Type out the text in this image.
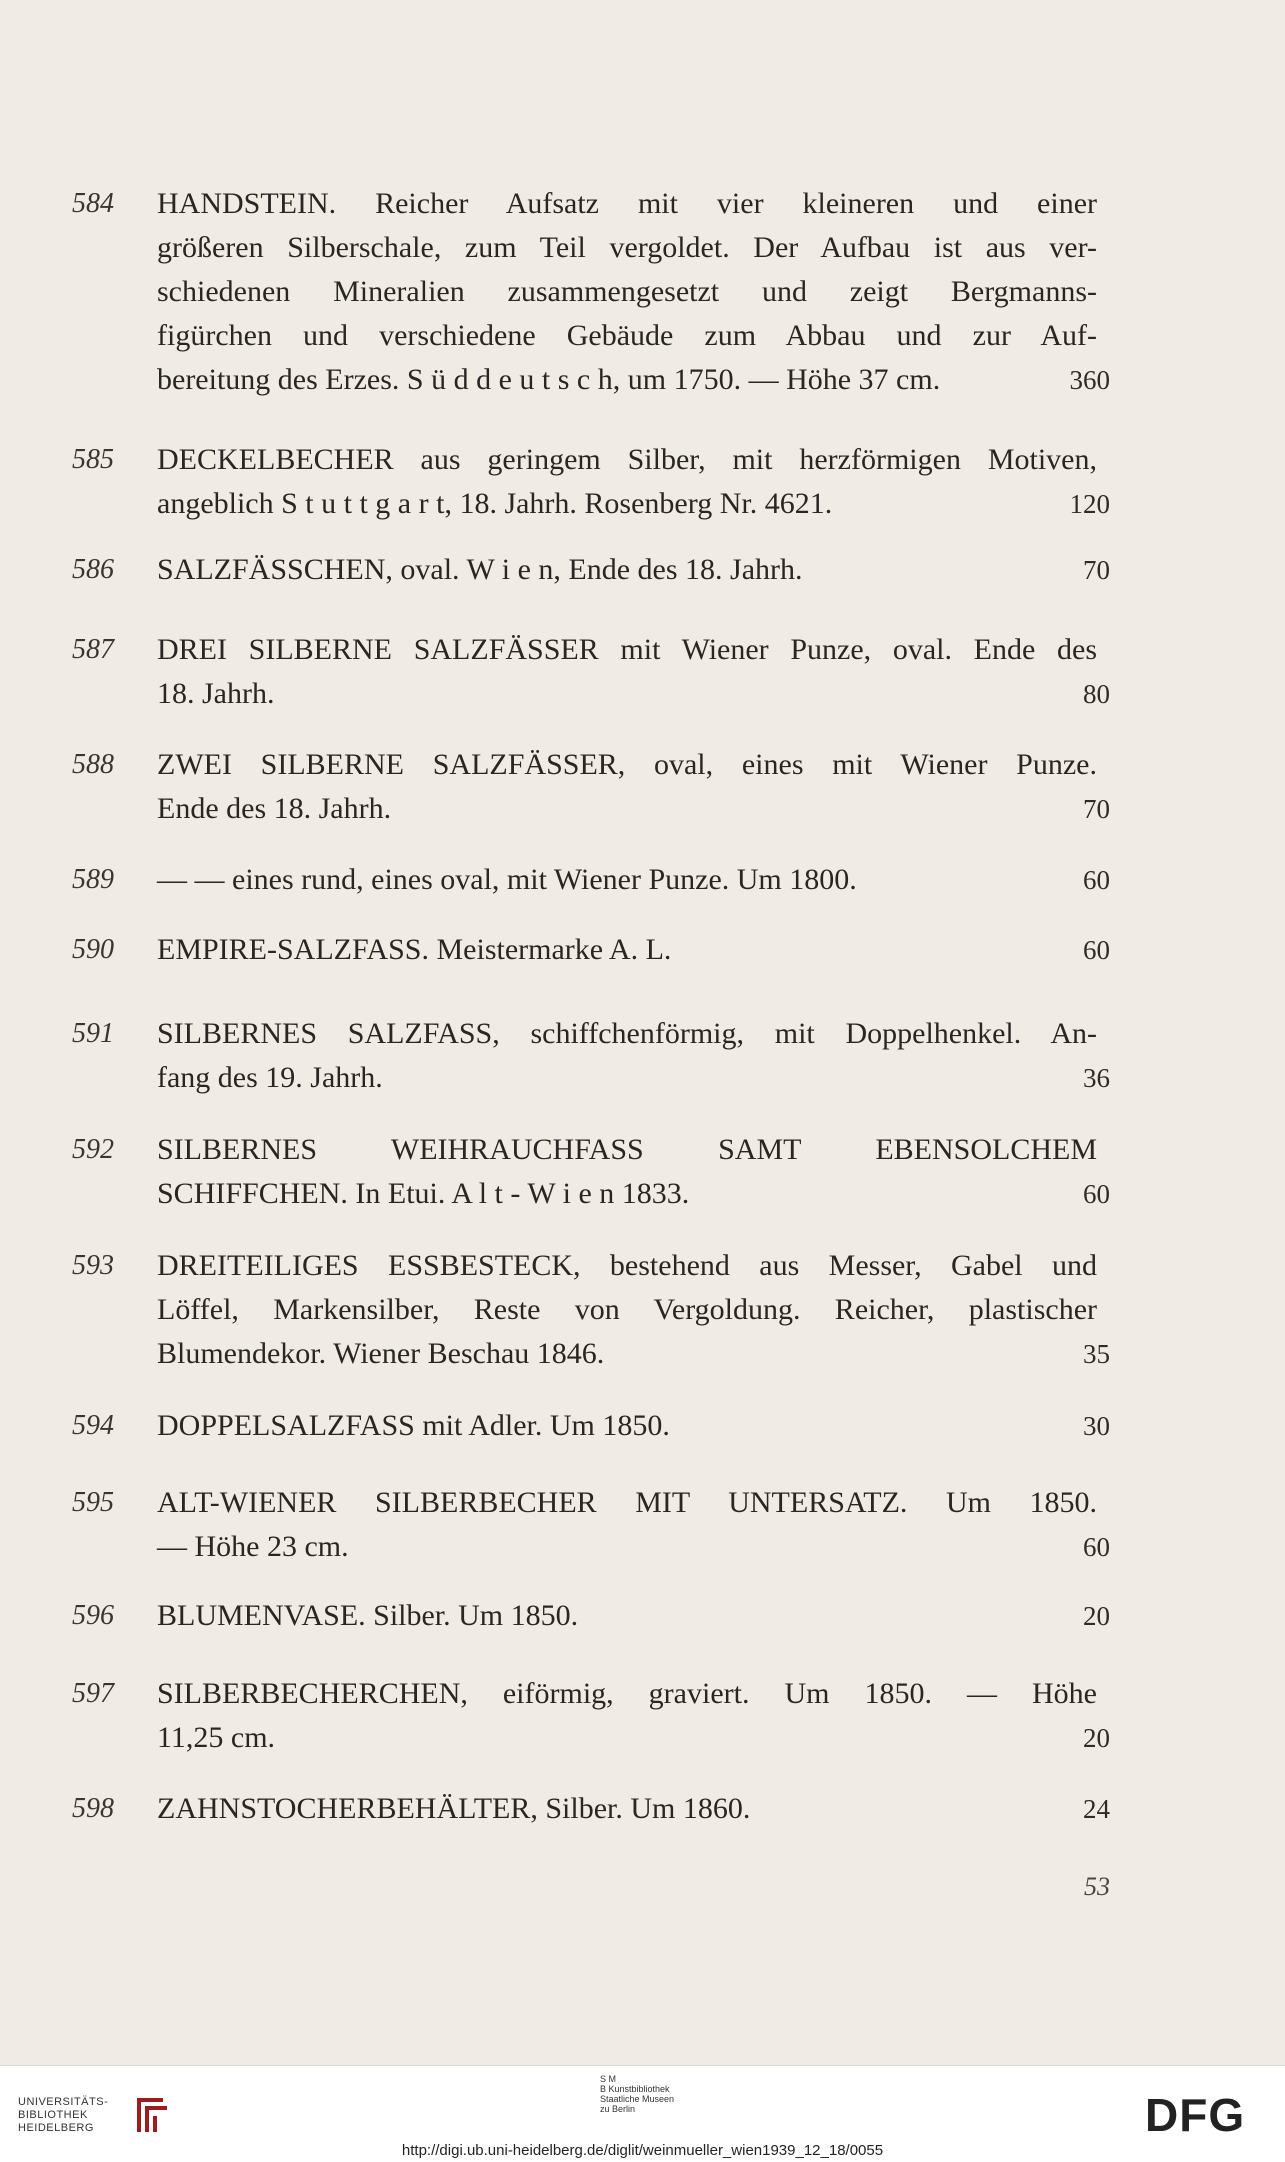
584	HANDSTEIN. Reicher Aufsatz mit vier kleineren und einer
größeren Silberschale, zum Teil vergoldet. Der Aufbau ist aus ver-
schiedenen Mineralien zusammengesetzt und zeigt Bergmanns-
figürchen und verschiedene Gebäude zum Abbau und zur Auf-
bereitung des Erzes. S ü d d e u t s c h, um 1750. — Höhe 37 cm.	360
585	DECKELBECHER aus geringem Silber, mit herzförmigen Motiven,
angeblich S t u t t g a r t, 18. Jahrh. Rosenberg Nr. 4621.	120
586	SALZFÄSSCHEN, oval. W i e n, Ende des 18. Jahrh.	70
587	DREI SILBERNE SALZFÄSSER mit Wiener Punze, oval. Ende des
18. Jahrh.	80
588	ZWEI SILBERNE SALZFÄSSER, oval, eines mit Wiener Punze.
Ende des 18. Jahrh.	70
589	— — eines rund, eines oval, mit Wiener Punze. Um 1800.	60
590	EMPIRE-SALZFASS. Meistermarke A. L.	60
591	SILBERNES SALZFASS, schiffchenförmig, mit Doppelhenkel. An-
fang des 19. Jahrh.	36
592	SILBERNES WEIHRAUCHFASS SAMT EBENSOLCHEM
SCHIFFCHEN. In Etui. A l t - W i e n 1833.	60
593	DREITEILIGES ESSBESTECK, bestehend aus Messer, Gabel und
Löffel, Markensilber, Reste von Vergoldung. Reicher, plastischer
Blumendekor. Wiener Beschau 1846.	35
594	DOPPELSALZFASS mit Adler. Um 1850.	30
595	ALT-WIENER SILBERBECHER MIT UNTERSATZ. Um 1850.
— Höhe 23 cm.	60
596	BLUMENVASE. Silber. Um 1850.	20
597	SILBERBECHERCHEN, eiförmig, graviert. Um 1850. — Höhe
11,25 cm.	20
598	ZAHNSTOCHERBEHÄLTER, Silber. Um 1860.	24
53
UNIVERSITÄTS-
BIBLIOTHEK
HEIDELBERG
S M
B Kunstbibliothek
Staatliche Museen
zu Berlin	DFG
http://digi.ub.uni-heidelberg.de/diglit/weinmueller_wien1939_12_18/0055
